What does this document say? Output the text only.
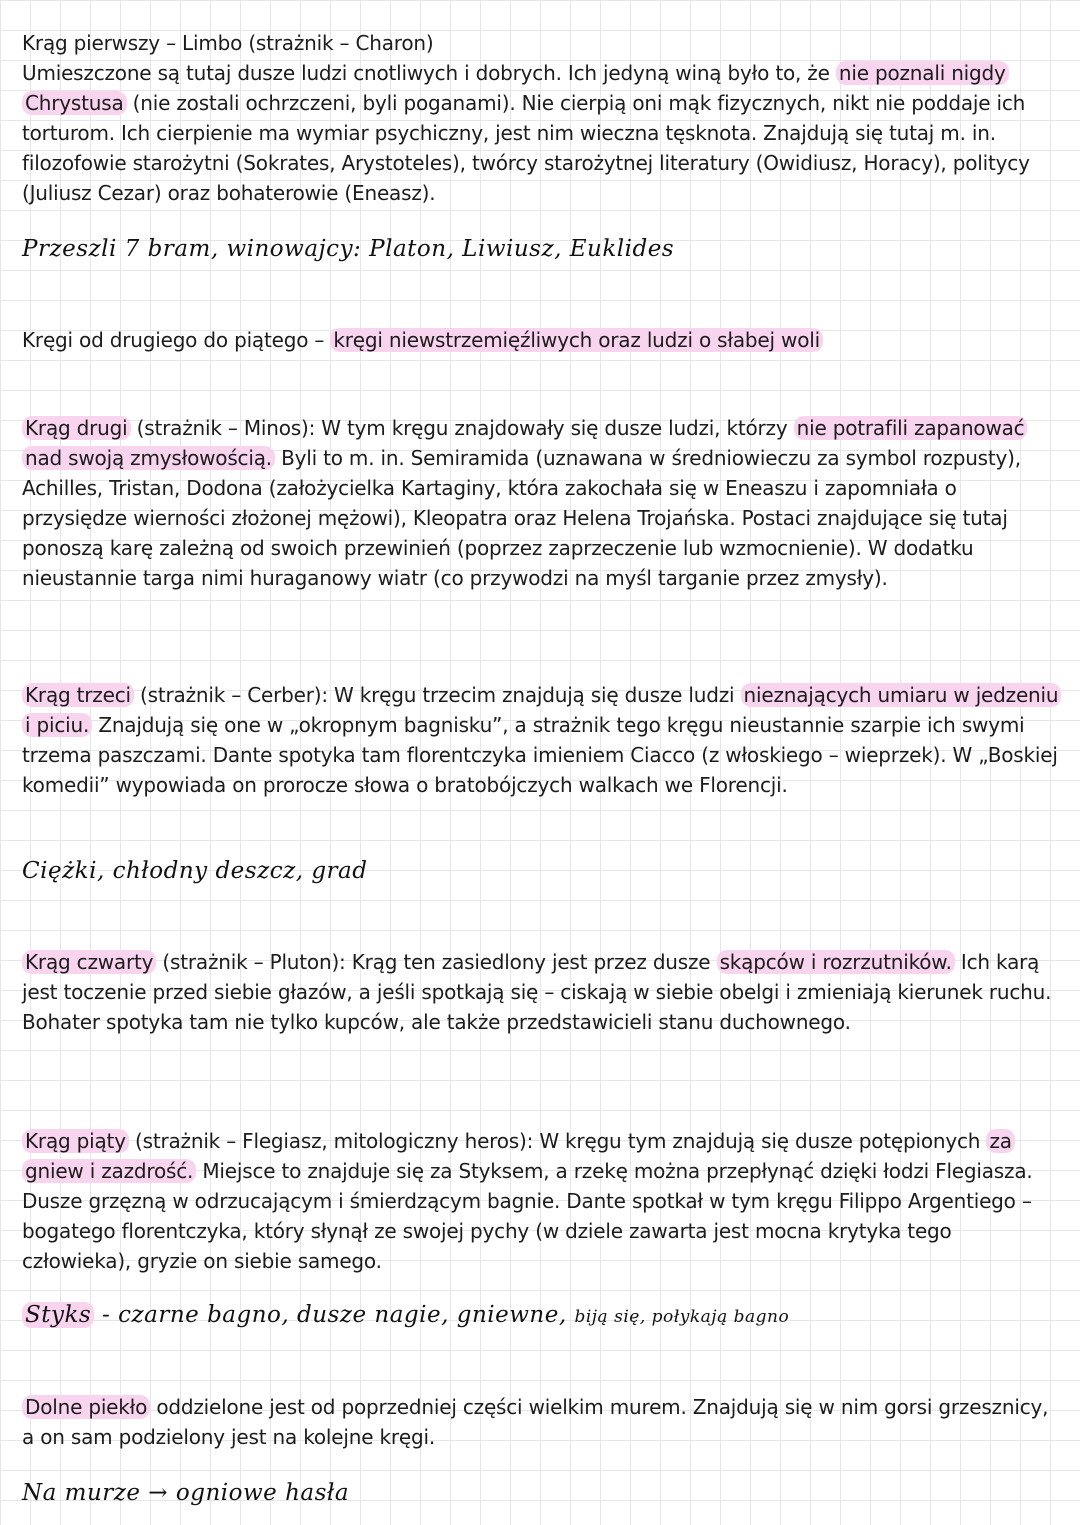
Krąg pierwszy – Limbo (strażnik – Charon)
Umieszczone są tutaj dusze ludzi cnotliwych i dobrych. Ich jedyną winą było to, że nie poznali nigdy Chrystusa (nie zostali ochrzczeni, byli poganami). Nie cierpią oni mąk fizycznych, nikt nie poddaje ich torturom. Ich cierpienie ma wymiar psychiczny, jest nim wieczna tęsknota. Znajdują się tutaj m. in. filozofowie starożytni (Sokrates, Arystoteles), twórcy starożytnej literatury (Owidiusz, Horacy), politycy (Juliusz Cezar) oraz bohaterowie (Eneasz).
Przeszli 7 bram, winowajcy: Platon, Liwiusz, Euklides
Kręgi od drugiego do piątego – kręgi niewstrzemięźliwych oraz ludzi o słabej woli
Krąg drugi (strażnik – Minos): W tym kręgu znajdowały się dusze ludzi, którzy nie potrafili zapanować nad swoją zmysłowością. Byli to m. in. Semiramida (uznawana w średniowieczu za symbol rozpusty), Achilles, Tristan, Dodona (założycielka Kartaginy, która zakochała się w Eneaszu i zapomniała o przysiędze wierności złożonej mężowi), Kleopatra oraz Helena Trojańska. Postaci znajdujące się tutaj ponoszą karę zależną od swoich przewinień (poprzez zaprzeczenie lub wzmocnienie). W dodatku nieustannie targa nimi huraganowy wiatr (co przywodzi na myśl targanie przez zmysły).
Krąg trzeci (strażnik – Cerber): W kręgu trzecim znajdują się dusze ludzi nieznających umiaru w jedzeniu i piciu. Znajdują się one w „okropnym bagnisku”, a strażnik tego kręgu nieustannie szarpie ich swymi trzema paszczami. Dante spotyka tam florentczyka imieniem Ciacco (z włoskiego – wieprzek). W „Boskiej komedii” wypowiada on prorocze słowa o bratobójczych walkach we Florencji.
Ciężki, chłodny deszcz, grad
Krąg czwarty (strażnik – Pluton): Krąg ten zasiedlony jest przez dusze skąpców i rozrzutników. Ich karą jest toczenie przed siebie głazów, a jeśli spotkają się – ciskają w siebie obelgi i zmieniają kierunek ruchu. Bohater spotyka tam nie tylko kupców, ale także przedstawicieli stanu duchownego.
Krąg piąty (strażnik – Flegiasz, mitologiczny heros): W kręgu tym znajdują się dusze potępionych za gniew i zazdrość. Miejsce to znajduje się za Styksem, a rzekę można przepłynąć dzięki łodzi Flegiasza. Dusze grzęzną w odrzucającym i śmierdzącym bagnie. Dante spotkał w tym kręgu Filippo Argentiego – bogatego florentczyka, który słynął ze swojej pychy (w dziele zawarta jest mocna krytyka tego człowieka), gryzie on siebie samego.
Styks - czarne bagno, dusze nagie, gniewne, biją się, połykają bagno
Dolne piekło oddzielone jest od poprzedniej części wielkim murem. Znajdują się w nim gorsi grzesznicy, a on sam podzielony jest na kolejne kręgi.
Na murze → ogniowe hasła
